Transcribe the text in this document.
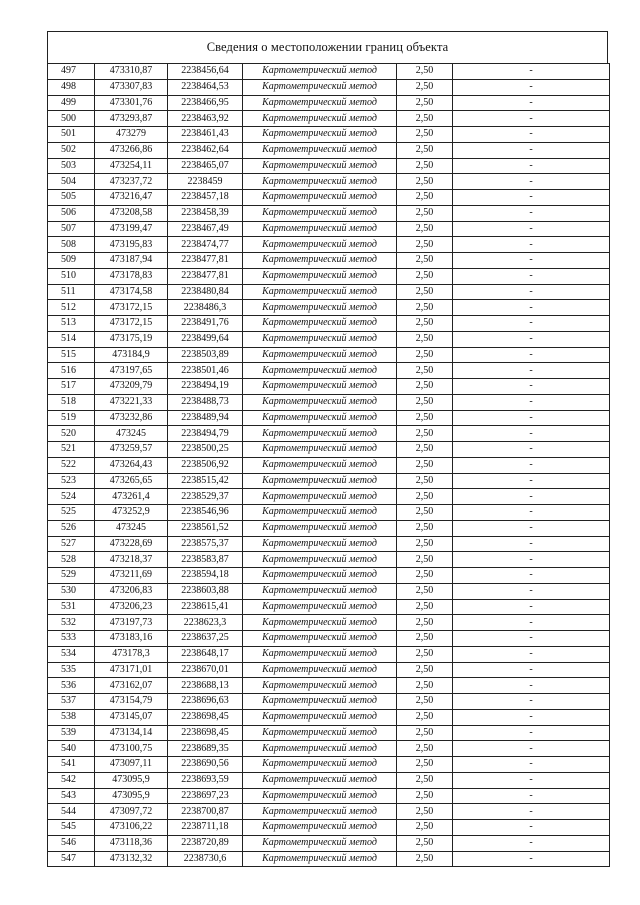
Сведения о местоположении границ объекта
497	473310,87	2238456,64	Картометрический метод	2,50	-
498	473307,83	2238464,53	Картометрический метод	2,50	-
499	473301,76	2238466,95	Картометрический метод	2,50	-
500	473293,87	2238463,92	Картометрический метод	2,50	-
501	473279	2238461,43	Картометрический метод	2,50	-
502	473266,86	2238462,64	Картометрический метод	2,50	-
503	473254,11	2238465,07	Картометрический метод	2,50	-
504	473237,72	2238459	Картометрический метод	2,50	-
505	473216,47	2238457,18	Картометрический метод	2,50	-
506	473208,58	2238458,39	Картометрический метод	2,50	-
507	473199,47	2238467,49	Картометрический метод	2,50	-
508	473195,83	2238474,77	Картометрический метод	2,50	-
509	473187,94	2238477,81	Картометрический метод	2,50	-
510	473178,83	2238477,81	Картометрический метод	2,50	-
511	473174,58	2238480,84	Картометрический метод	2,50	-
512	473172,15	2238486,3	Картометрический метод	2,50	-
513	473172,15	2238491,76	Картометрический метод	2,50	-
514	473175,19	2238499,64	Картометрический метод	2,50	-
515	473184,9	2238503,89	Картометрический метод	2,50	-
516	473197,65	2238501,46	Картометрический метод	2,50	-
517	473209,79	2238494,19	Картометрический метод	2,50	-
518	473221,33	2238488,73	Картометрический метод	2,50	-
519	473232,86	2238489,94	Картометрический метод	2,50	-
520	473245	2238494,79	Картометрический метод	2,50	-
521	473259,57	2238500,25	Картометрический метод	2,50	-
522	473264,43	2238506,92	Картометрический метод	2,50	-
523	473265,65	2238515,42	Картометрический метод	2,50	-
524	473261,4	2238529,37	Картометрический метод	2,50	-
525	473252,9	2238546,96	Картометрический метод	2,50	-
526	473245	2238561,52	Картометрический метод	2,50	-
527	473228,69	2238575,37	Картометрический метод	2,50	-
528	473218,37	2238583,87	Картометрический метод	2,50	-
529	473211,69	2238594,18	Картометрический метод	2,50	-
530	473206,83	2238603,88	Картометрический метод	2,50	-
531	473206,23	2238615,41	Картометрический метод	2,50	-
532	473197,73	2238623,3	Картометрический метод	2,50	-
533	473183,16	2238637,25	Картометрический метод	2,50	-
534	473178,3	2238648,17	Картометрический метод	2,50	-
535	473171,01	2238670,01	Картометрический метод	2,50	-
536	473162,07	2238688,13	Картометрический метод	2,50	-
537	473154,79	2238696,63	Картометрический метод	2,50	-
538	473145,07	2238698,45	Картометрический метод	2,50	-
539	473134,14	2238698,45	Картометрический метод	2,50	-
540	473100,75	2238689,35	Картометрический метод	2,50	-
541	473097,11	2238690,56	Картометрический метод	2,50	-
542	473095,9	2238693,59	Картометрический метод	2,50	-
543	473095,9	2238697,23	Картометрический метод	2,50	-
544	473097,72	2238700,87	Картометрический метод	2,50	-
545	473106,22	2238711,18	Картометрический метод	2,50	-
546	473118,36	2238720,89	Картометрический метод	2,50	-
547	473132,32	2238730,6	Картометрический метод	2,50	-
